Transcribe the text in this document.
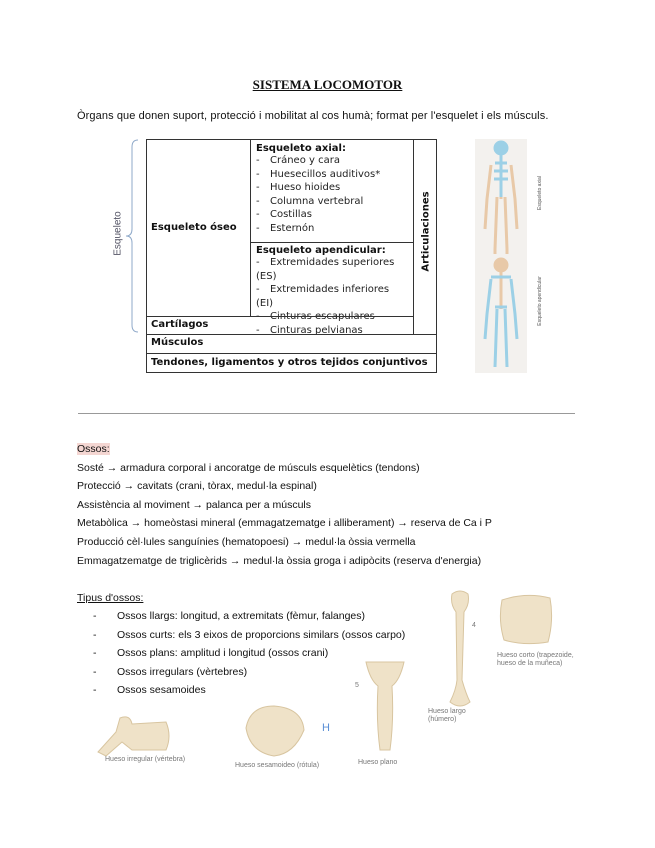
SISTEMA LOCOMOTOR
Òrgans que donen suport, protecció i mobilitat al cos humà; format per l'esquelet i els músculs.
Esqueleto	Esqueleto óseo
Esqueleto axial:
- Cráneo y cara
- Huesecillos auditivos*
- Hueso hioides
- Columna vertebral
- Costillas
- Esternón
Esqueleto apendicular:
- Extremidades superiores (ES)
- Extremidades inferiores (EI)
- Cinturas escapulares
- Cinturas pelvianas
Articulaciones
Cartílagos
Músculos
Tendones, ligamentos y otros tejidos conjuntivos
Esqueleto axial
Esqueleto apendicular
Ossos:
Sosté → armadura corporal i ancoratge de músculs esquelètics (tendons)
Protecció → cavitats (crani, tòrax, medul·la espinal)
Assistència al moviment → palanca per a músculs
Metabòlica → homeòstasi mineral (emmagatzematge i alliberament) → reserva de Ca i P
Producció cèl·lules sanguínies (hematopoesi) → medul·la òssia vermella
Emmagatzematge de triglicèrids → medul·la òssia groga i adipòcits (reserva d'energia)
Tipus d'ossos:
- Ossos llargs: longitud, a extremitats (fèmur, falanges)
- Ossos curts: els 3 eixos de proporcions similars (ossos carpo)
- Ossos plans: amplitud i longitud (ossos crani)
- Ossos irregulars (vèrtebres)
- Ossos sesamoides
4
Hueso largo (húmero)
Hueso corto (trapezoide, hueso de la muñeca)
5
Hueso plano
Hueso irregular (vértebra)
Hueso sesamoideo (rótula)
H
